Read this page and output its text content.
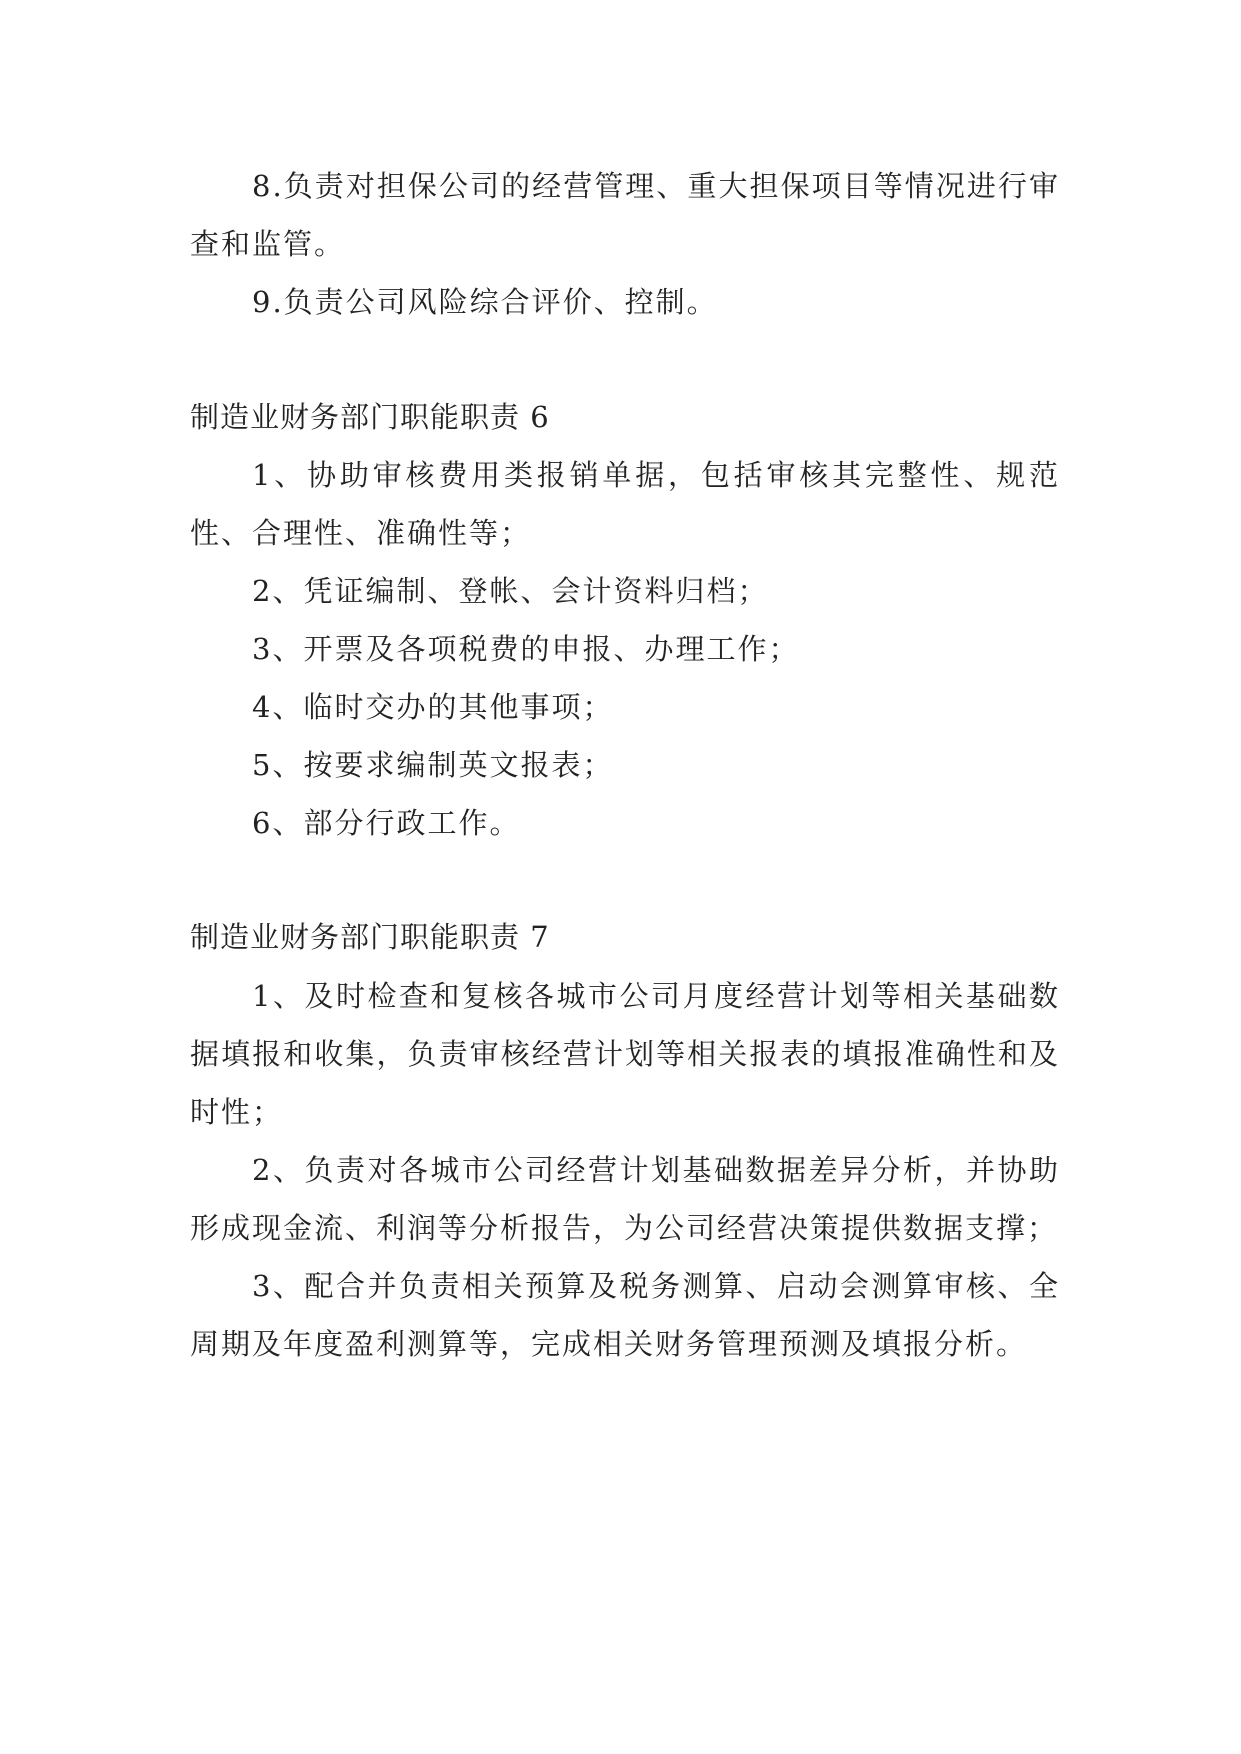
8.负责对担保公司的经营管理、重大担保项目等情况进行审查和监管。

9.负责公司风险综合评价、控制。

制造业财务部门职能职责 6

1、协助审核费用类报销单据，包括审核其完整性、规范性、合理性、准确性等；

2、凭证编制、登帐、会计资料归档；

3、开票及各项税费的申报、办理工作；

4、临时交办的其他事项；

5、按要求编制英文报表；

6、部分行政工作。

制造业财务部门职能职责 7

1、及时检查和复核各城市公司月度经营计划等相关基础数据填报和收集，负责审核经营计划等相关报表的填报准确性和及时性；

2、负责对各城市公司经营计划基础数据差异分析，并协助形成现金流、利润等分析报告，为公司经营决策提供数据支撑；

3、配合并负责相关预算及税务测算、启动会测算审核、全周期及年度盈利测算等，完成相关财务管理预测及填报分析。
